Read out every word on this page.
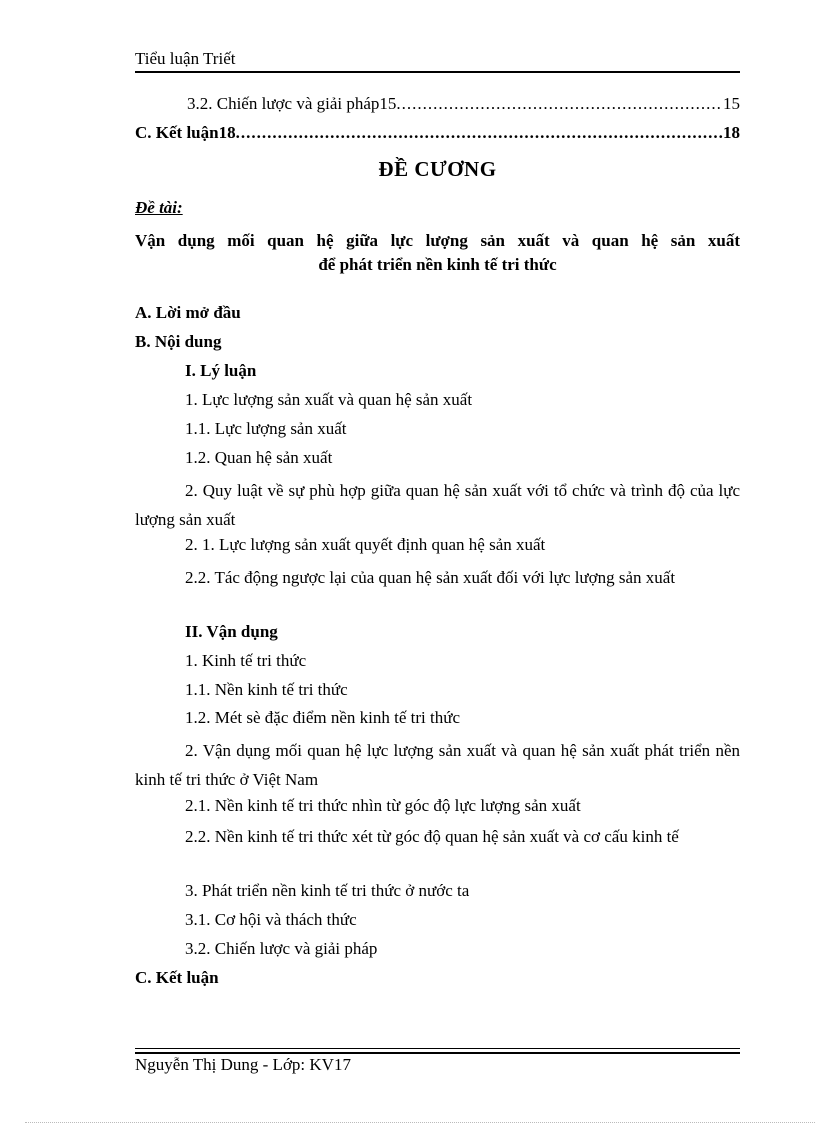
Tiểu luận Triết
3.2. Chiến lược và giải pháp15 .....	15
C. Kết luận18 .....	18
ĐỀ CƯƠNG
Đề tài:
Vận dụng mối quan hệ giữa lực lượng sản xuất và quan hệ sản xuất
để phát triển nền kinh tế tri thức
A. Lời mở đầu
B. Nội dung
I. Lý luận
1. Lực lượng sản xuất và quan hệ sản xuất
1.1. Lực lượng sản xuất
1.2. Quan hệ sản xuất
2. Quy luật về sự phù hợp giữa quan hệ sản xuất với tổ chức và trình độ của lực lượng sản xuất
2. 1. Lực lượng sản xuất quyết định quan hệ sản xuất
2.2. Tác động ngược lại của quan hệ sản xuất đối với lực lượng sản xuất
II. Vận dụng
1. Kinh tế tri thức
1.1. Nền kinh tế tri thức
1.2. Mét sè đặc điểm nền kinh tế tri thức
2. Vận dụng mối quan hệ lực lượng sản xuất và quan hệ sản xuất phát triển nền kinh tế tri thức ở Việt Nam
2.1. Nền kinh tế tri thức nhìn từ góc độ lực lượng sản xuất
2.2. Nền kinh tế tri thức xét từ góc độ quan hệ sản xuất và cơ cấu kinh tế
3. Phát triển nền kinh tế tri thức ở nước ta
3.1. Cơ hội và thách thức
3.2. Chiến lược và giải pháp
C. Kết luận
Nguyễn Thị Dung - Lớp: KV17
